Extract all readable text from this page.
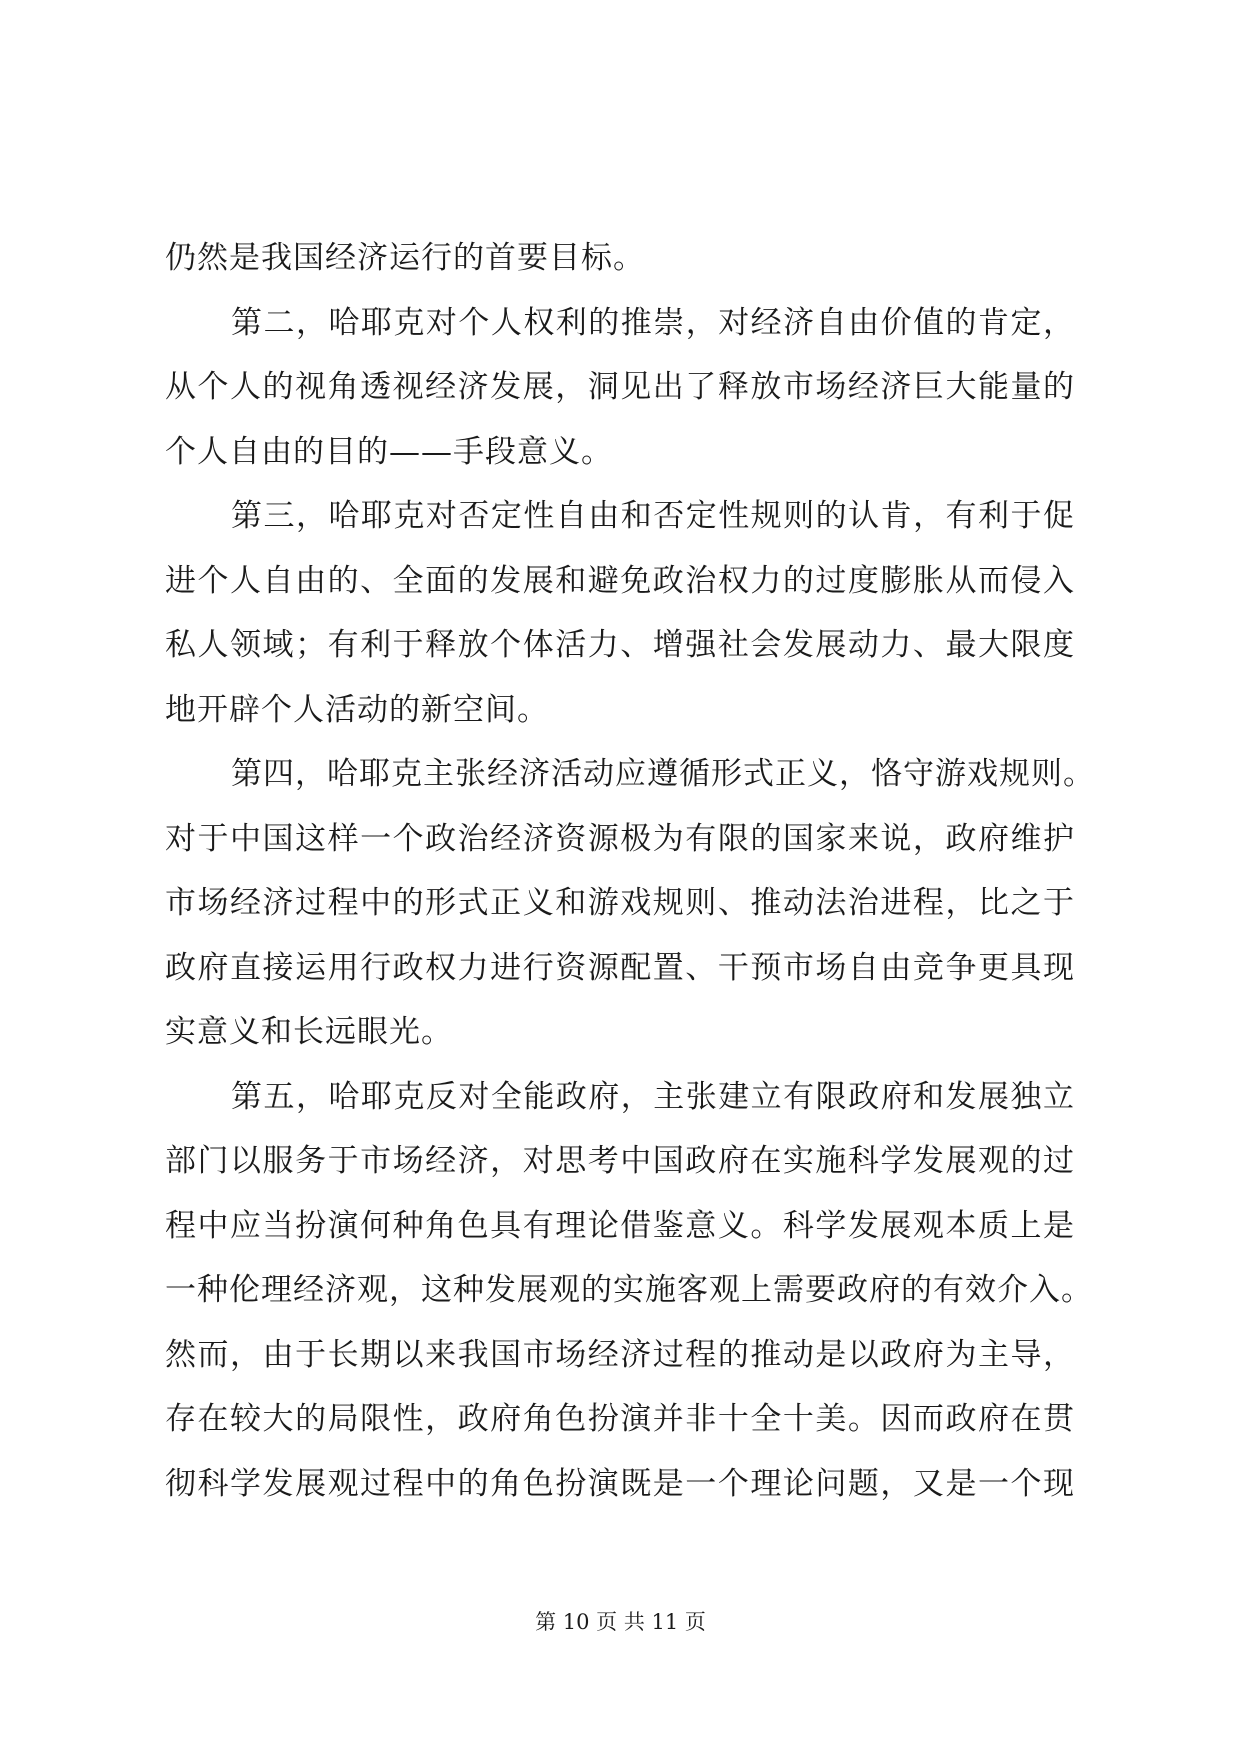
仍然是我国经济运行的首要目标。
第二，哈耶克对个人权利的推崇，对经济自由价值的肯定，
从个人的视角透视经济发展，洞见出了释放市场经济巨大能量的
个人自由的目的——手段意义。
第三，哈耶克对否定性自由和否定性规则的认肯，有利于促
进个人自由的、全面的发展和避免政治权力的过度膨胀从而侵入
私人领域；有利于释放个体活力、增强社会发展动力、最大限度
地开辟个人活动的新空间。
第四，哈耶克主张经济活动应遵循形式正义，恪守游戏规则。
对于中国这样一个政治经济资源极为有限的国家来说，政府维护
市场经济过程中的形式正义和游戏规则、推动法治进程，比之于
政府直接运用行政权力进行资源配置、干预市场自由竞争更具现
实意义和长远眼光。
第五，哈耶克反对全能政府，主张建立有限政府和发展独立
部门以服务于市场经济，对思考中国政府在实施科学发展观的过
程中应当扮演何种角色具有理论借鉴意义。科学发展观本质上是
一种伦理经济观，这种发展观的实施客观上需要政府的有效介入。
然而，由于长期以来我国市场经济过程的推动是以政府为主导，
存在较大的局限性，政府角色扮演并非十全十美。因而政府在贯
彻科学发展观过程中的角色扮演既是一个理论问题，又是一个现
第 10 页 共 11 页
